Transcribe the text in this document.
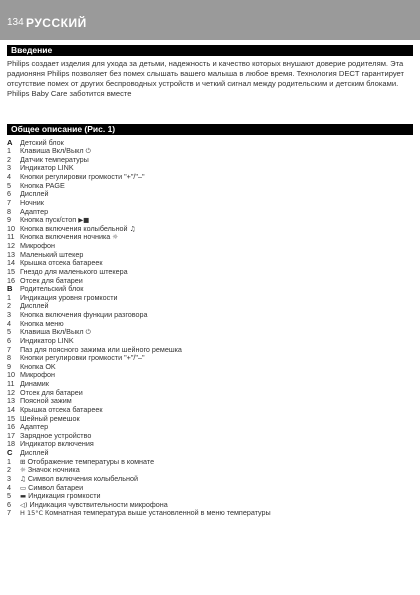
134 РУССКИЙ
Введение

Philips создает изделия для ухода за детьми, надежность и качество которых внушают доверие родителям. Эта радионяня Philips позволяет без помех слышать вашего малыша в любое время. Технология DECT гарантирует отсутствие помех от других беспроводных устройств и четкий сигнал между родительским и детским блоками.

Philips Baby Care заботится вместе

Общее описание (Рис. 1)
A	Детский блок
1	Клавиша Вкл/Выкл ⏻
2	Датчик температуры
3	Индикатор LINK
4	Кнопки регулировки громкости "+"/"–"
5	Кнопка PAGE
6	Дисплей
7	Ночник
8	Адаптер
9	Кнопка пуск/стоп ▶■
10 Кнопка включения колыбельной ♫
11 Кнопка включения ночника ☼
12 Микрофон
13 Маленький штекер
14 Крышка отсека батареек
15 Гнездо для маленького штекера
16 Отсек для батареи
B	Родительский блок
1	Индикация уровня громкости
2	Дисплей
3	Кнопка включения функции разговора
4	Кнопка меню
5	Клавиша Вкл/Выкл ⏻
6	Индикатор LINK
7	Паз для поясного зажима или шейного ремешка
8	Кнопки регулировки громкости "+"/"–"
9	Кнопка OK
10 Микрофон
11 Динамик
12 Отсек для батареи
13 Поясной зажим
14 Крышка отсека батареек
15 Шейный ремешок
16 Адаптер
17 Зарядное устройство
18 Индикатор включения
C	Дисплей
1	⊞ Отображение температуры в комнате
2	☼ Значок ночника
3	♫ Символ включения колыбельной
4	▭ Символ батареи
5	▬ Индикация громкости
6	◁) Индикация чувствительности микрофона
7	H 15°C Комнатная температура выше установленной в меню температуры
